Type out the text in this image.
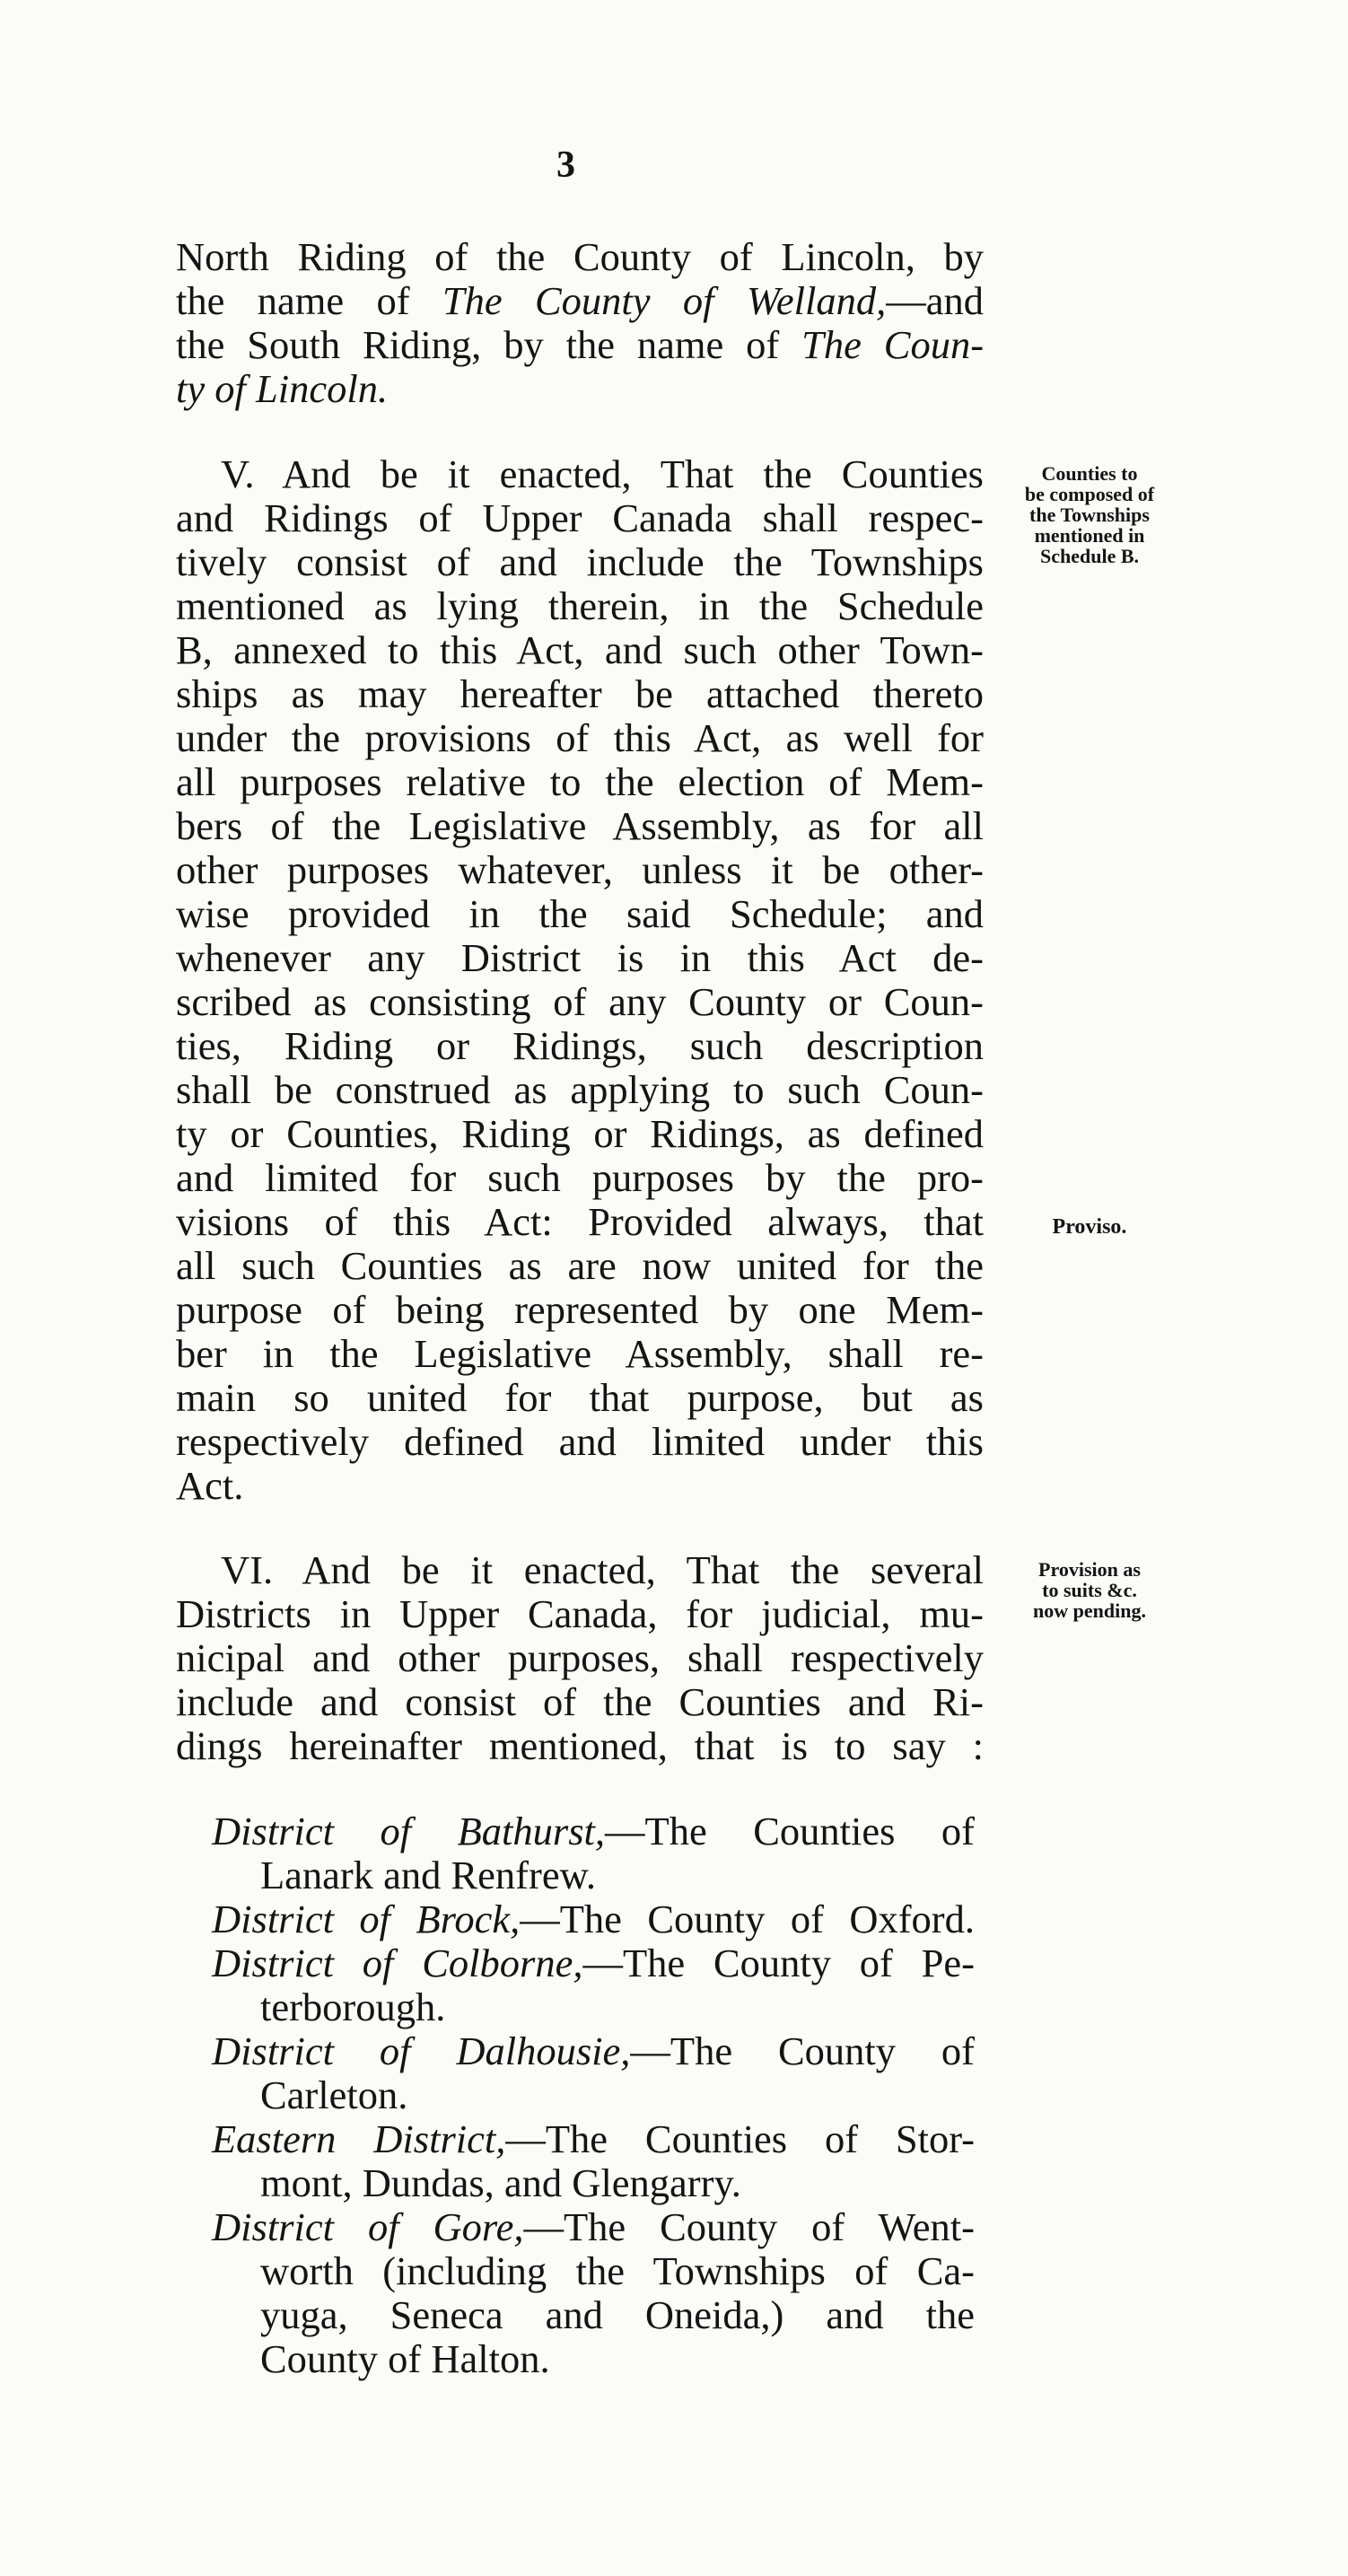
3
North Riding of the County of Lincoln, by
the name of The County of Welland,—and
the South Riding, by the name of The Coun-
ty of Lincoln.
V. And be it enacted, That the Counties
and Ridings of Upper Canada shall respec-
tively consist of and include the Townships
mentioned as lying therein, in the Schedule
B, annexed to this Act, and such other Town-
ships as may hereafter be attached thereto
under the provisions of this Act, as well for
all purposes relative to the election of Mem-
bers of the Legislative Assembly, as for all
other purposes whatever, unless it be other-
wise provided in the said Schedule; and
whenever any District is in this Act de-
scribed as consisting of any County or Coun-
ties, Riding or Ridings, such description
shall be construed as applying to such Coun-
ty or Counties, Riding or Ridings, as defined
and limited for such purposes by the pro-
visions of this Act: Provided always, that
all such Counties as are now united for the
purpose of being represented by one Mem-
ber in the Legislative Assembly, shall re-
main so united for that purpose, but as
respectively defined and limited under this
Act.
Counties to
be composed of
the Townships
mentioned in
Schedule B.
Proviso.
VI. And be it enacted, That the several
Districts in Upper Canada, for judicial, mu-
nicipal and other purposes, shall respectively
include and consist of the Counties and Ri-
dings hereinafter mentioned, that is to say :
Provision as
to suits &c.
now pending.
District of Bathurst,—The Counties of
Lanark and Renfrew.
District of Brock,—The County of Oxford.
District of Colborne,—The County of Pe-
terborough.
District of Dalhousie,—The County of
Carleton.
Eastern District,—The Counties of Stor-
mont, Dundas, and Glengarry.
District of Gore,—The County of Went-
worth (including the Townships of Ca-
yuga, Seneca and Oneida,) and the
County of Halton.
